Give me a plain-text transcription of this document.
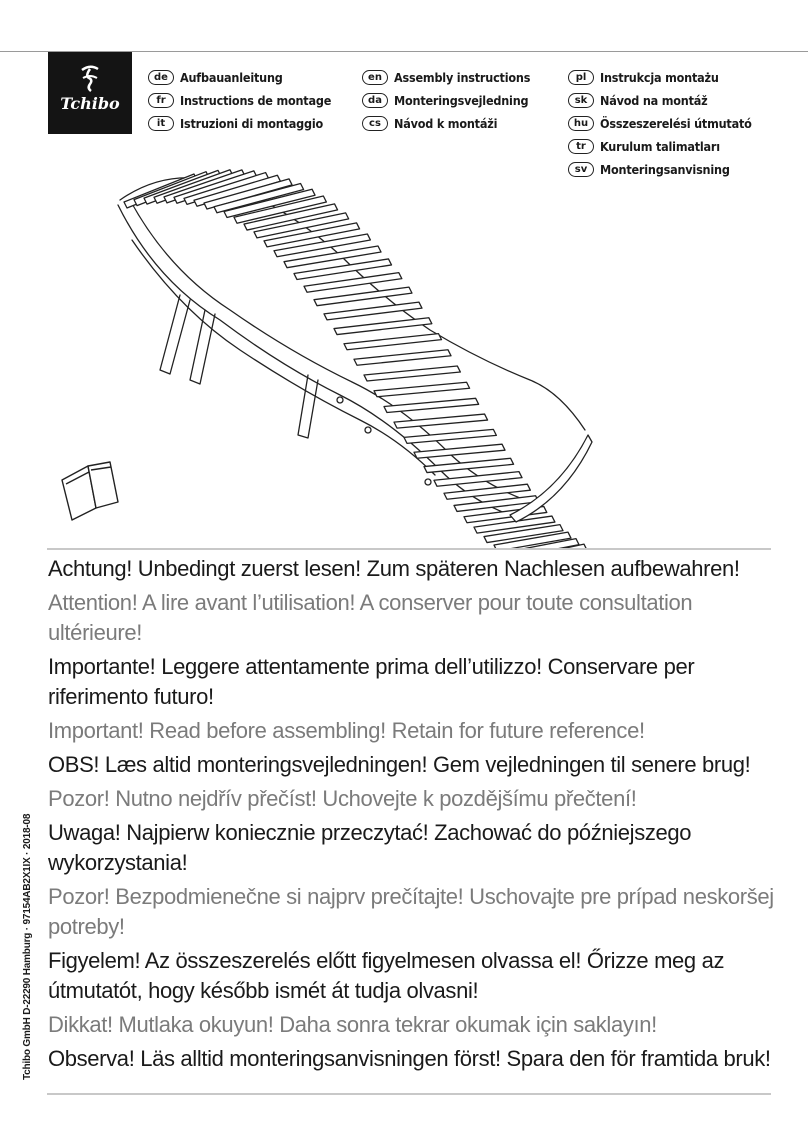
Tchibo
de Aufbauanleitung
fr	Instructions de montage
it	Istruzioni di montaggio
en Assembly instructions
da Monteringsvejledning
cs	Návod k montáži
pl	Instrukcja montażu
sk	Návod na montáž
hu Összeszerelési útmutató
tr	Kurulum talimatları
sv	Monteringsanvisning

Achtung! Unbedingt zuerst lesen! Zum späteren Nachlesen aufbewahren!

Attention! A lire avant l’utilisation! A conserver pour toute consultation ultérieure!

Importante! Leggere attentamente prima dell’utilizzo! Conservare per riferimento futuro!

Important! Read before assembling! Retain for future reference!

OBS! Læs altid monteringsvejledningen! Gem vejledningen til senere brug!

Pozor! Nutno nejdřív přečíst! Uchovejte k pozdějšímu přečtení!

Uwaga! Najpierw koniecznie przeczytać! Zachować do późniejszego wykorzystania!

Pozor! Bezpodmienečne si najprv prečítajte! Uschovajte pre prípad neskoršej potreby!

Figyelem! Az összeszerelés előtt figyelmesen olvassa el! Őrizze meg az útmutatót, hogy később ismét át tudja olvasni!

Dikkat! Mutlaka okuyun! Daha sonra tekrar okumak için saklayın!

Observa! Läs alltid monteringsanvisningen först! Spara den för framtida bruk!

Tchibo GmbH D-22290 Hamburg · 97154AB2X1IX · 2018-08
